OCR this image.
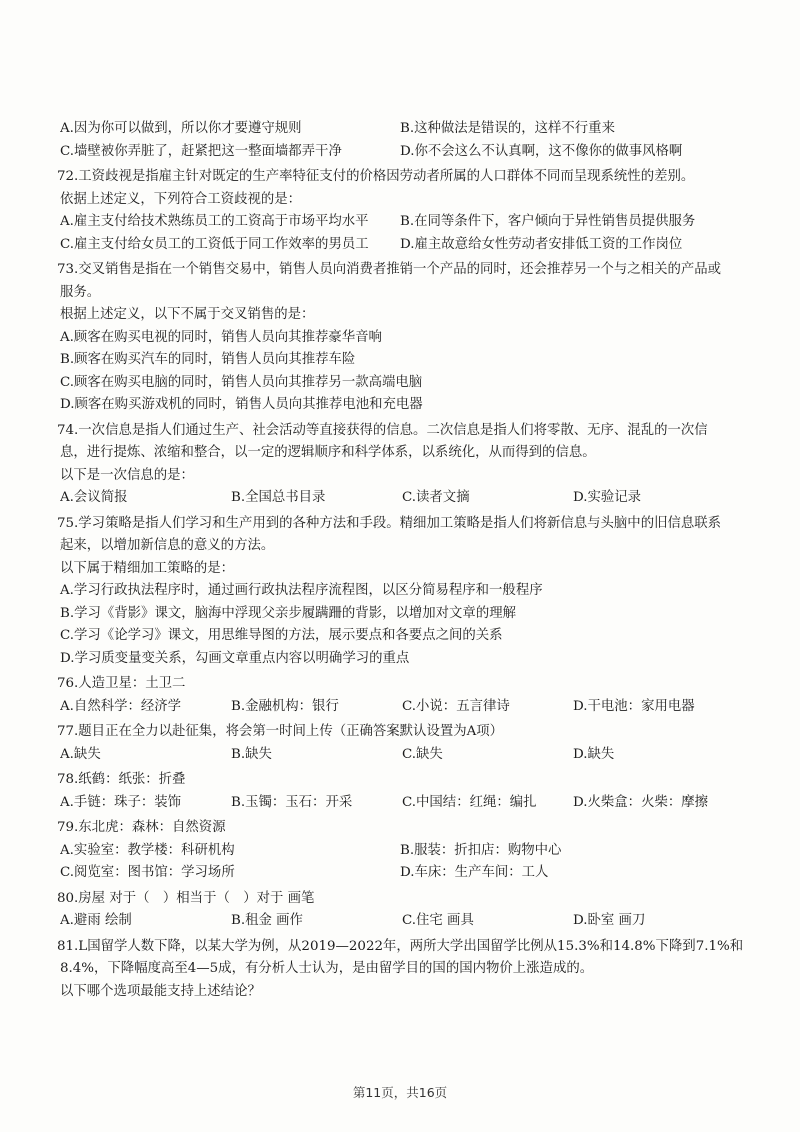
A.因为你可以做到，所以你才要遵守规则	B.这种做法是错误的，这样不行重来
C.墙壁被你弄脏了，赶紧把这一整面墙都弄干净	D.你不会这么不认真啊，这不像你的做事风格啊
72.工资歧视是指雇主针对既定的生产率特征支付的价格因劳动者所属的人口群体不同而呈现系统性的差别。
依据上述定义，下列符合工资歧视的是：
A.雇主支付给技术熟练员工的工资高于市场平均水平	B.在同等条件下，客户倾向于异性销售员提供服务
C.雇主支付给女员工的工资低于同工作效率的男员工	D.雇主故意给女性劳动者安排低工资的工作岗位
73.交叉销售是指在一个销售交易中，销售人员向消费者推销一个产品的同时，还会推荐另一个与之相关的产品或
服务。
根据上述定义，以下不属于交叉销售的是：
A.顾客在购买电视的同时，销售人员向其推荐豪华音响
B.顾客在购买汽车的同时，销售人员向其推荐车险
C.顾客在购买电脑的同时，销售人员向其推荐另一款高端电脑
D.顾客在购买游戏机的同时，销售人员向其推荐电池和充电器
74.一次信息是指人们通过生产、社会活动等直接获得的信息。二次信息是指人们将零散、无序、混乱的一次信
息，进行提炼、浓缩和整合，以一定的逻辑顺序和科学体系，以系统化，从而得到的信息。
以下是一次信息的是：
A.会议简报	B.全国总书目录	C.读者文摘	D.实验记录
75.学习策略是指人们学习和生产用到的各种方法和手段。精细加工策略是指人们将新信息与头脑中的旧信息联系
起来，以增加新信息的意义的方法。
以下属于精细加工策略的是：
A.学习行政执法程序时，通过画行政执法程序流程图，以区分简易程序和一般程序
B.学习《背影》课文，脑海中浮现父亲步履蹒跚的背影，以增加对文章的理解
C.学习《论学习》课文，用思维导图的方法，展示要点和各要点之间的关系
D.学习质变量变关系，勾画文章重点内容以明确学习的重点
76.人造卫星：土卫二
A.自然科学：经济学	B.金融机构：银行	C.小说：五言律诗	D.干电池：家用电器
77.题目正在全力以赴征集，将会第一时间上传（正确答案默认设置为A项）
A.缺失	B.缺失	C.缺失	D.缺失
78.纸鹤：纸张：折叠
A.手链：珠子：装饰	B.玉镯：玉石：开采	C.中国结：红绳：编扎	D.火柴盒：火柴：摩擦
79.东北虎：森林：自然资源
A.实验室：教学楼：科研机构	B.服装：折扣店：购物中心
C.阅览室：图书馆：学习场所	D.车床：生产车间：工人
80.房屋 对于（　）相当于（　）对于 画笔
A.避雨 绘制	B.租金 画作	C.住宅 画具	D.卧室 画刀
81.L国留学人数下降，以某大学为例，从2019—2022年，两所大学出国留学比例从15.3%和14.8%下降到7.1%和
8.4%，下降幅度高至4—5成，有分析人士认为，是由留学目的国的国内物价上涨造成的。
以下哪个选项最能支持上述结论？
第11页，共16页
